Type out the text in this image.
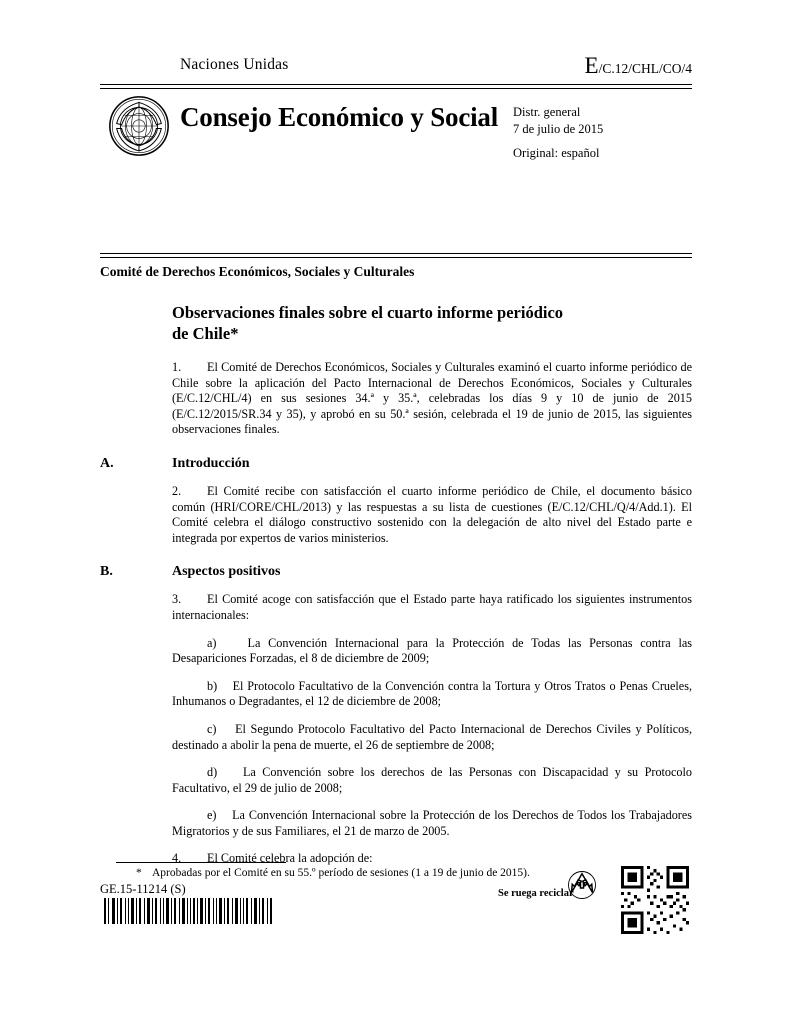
Naciones Unidas	E/C.12/CHL/CO/4
Consejo Económico y Social Distr. general
7 de julio de 2015
Original: español
Comité de Derechos Económicos, Sociales y Culturales
Observaciones finales sobre el cuarto informe periódico
de Chile*

1. El Comité de Derechos Económicos, Sociales y Culturales examinó el cuarto informe periódico de Chile sobre la aplicación del Pacto Internacional de Derechos Económicos, Sociales y Culturales (E/C.12/CHL/4) en sus sesiones 34.ª y 35.ª, celebradas los días 9 y 10 de junio de 2015 (E/C.12/2015/SR.34 y 35), y aprobó en su 50.ª sesión, celebrada el 19 de junio de 2015, las siguientes observaciones finales.

A.	Introducción

2. El Comité recibe con satisfacción el cuarto informe periódico de Chile, el documento básico común (HRI/CORE/CHL/2013) y las respuestas a su lista de cuestiones (E/C.12/CHL/Q/4/Add.1). El Comité celebra el diálogo constructivo sostenido con la delegación de alto nivel del Estado parte e integrada por expertos de varios ministerios.

B.	Aspectos positivos

3. El Comité acoge con satisfacción que el Estado parte haya ratificado los siguientes instrumentos internacionales:

a)	La Convención Internacional para la Protección de Todas las Personas contra las Desapariciones Forzadas, el 8 de diciembre de 2009;

b) El Protocolo Facultativo de la Convención contra la Tortura y Otros Tratos o Penas Crueles, Inhumanos o Degradantes, el 12 de diciembre de 2008;

c) El Segundo Protocolo Facultativo del Pacto Internacional de Derechos Civiles y Políticos, destinado a abolir la pena de muerte, el 26 de septiembre de 2008;

d) La Convención sobre los derechos de las Personas con Discapacidad y su Protocolo Facultativo, el 29 de julio de 2008;

e) La Convención Internacional sobre la Protección de los Derechos de Todos los Trabajadores Migratorios y de sus Familiares, el 21 de marzo de 2005.

4. El Comité celebra la adopción de:

* Aprobadas por el Comité en su 55.º período de sesiones (1 a 19 de junio de 2015).
GE.15-11214 (S)	Se ruega reciclar
